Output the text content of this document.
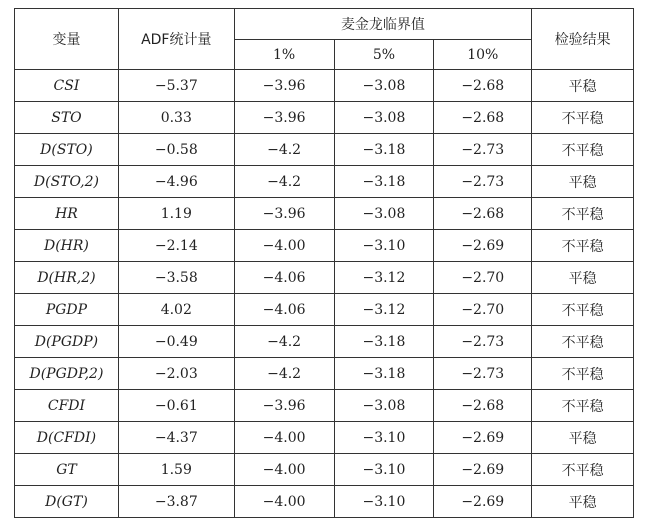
变量	ADF统计量	麦金龙临界值			检验结果
		1%	5%	10%	
CSI	−5.37	−3.96	−3.08	−2.68	平稳
STO	0.33	−3.96	−3.08	−2.68	不平稳
D(STO)	−0.58	−4.2	−3.18	−2.73	不平稳
D(STO,2)	−4.96	−4.2	−3.18	−2.73	平稳
HR	1.19	−3.96	−3.08	−2.68	不平稳
D(HR)	−2.14	−4.00	−3.10	−2.69	不平稳
D(HR,2)	−3.58	−4.06	−3.12	−2.70	平稳
PGDP	4.02	−4.06	−3.12	−2.70	不平稳
D(PGDP)	−0.49	−4.2	−3.18	−2.73	不平稳
D(PGDP,2)	−2.03	−4.2	−3.18	−2.73	不平稳
CFDI	−0.61	−3.96	−3.08	−2.68	不平稳
D(CFDI)	−4.37	−4.00	−3.10	−2.69	平稳
GT	1.59	−4.00	−3.10	−2.69	不平稳
D(GT)	−3.87	−4.00	−3.10	−2.69	平稳
